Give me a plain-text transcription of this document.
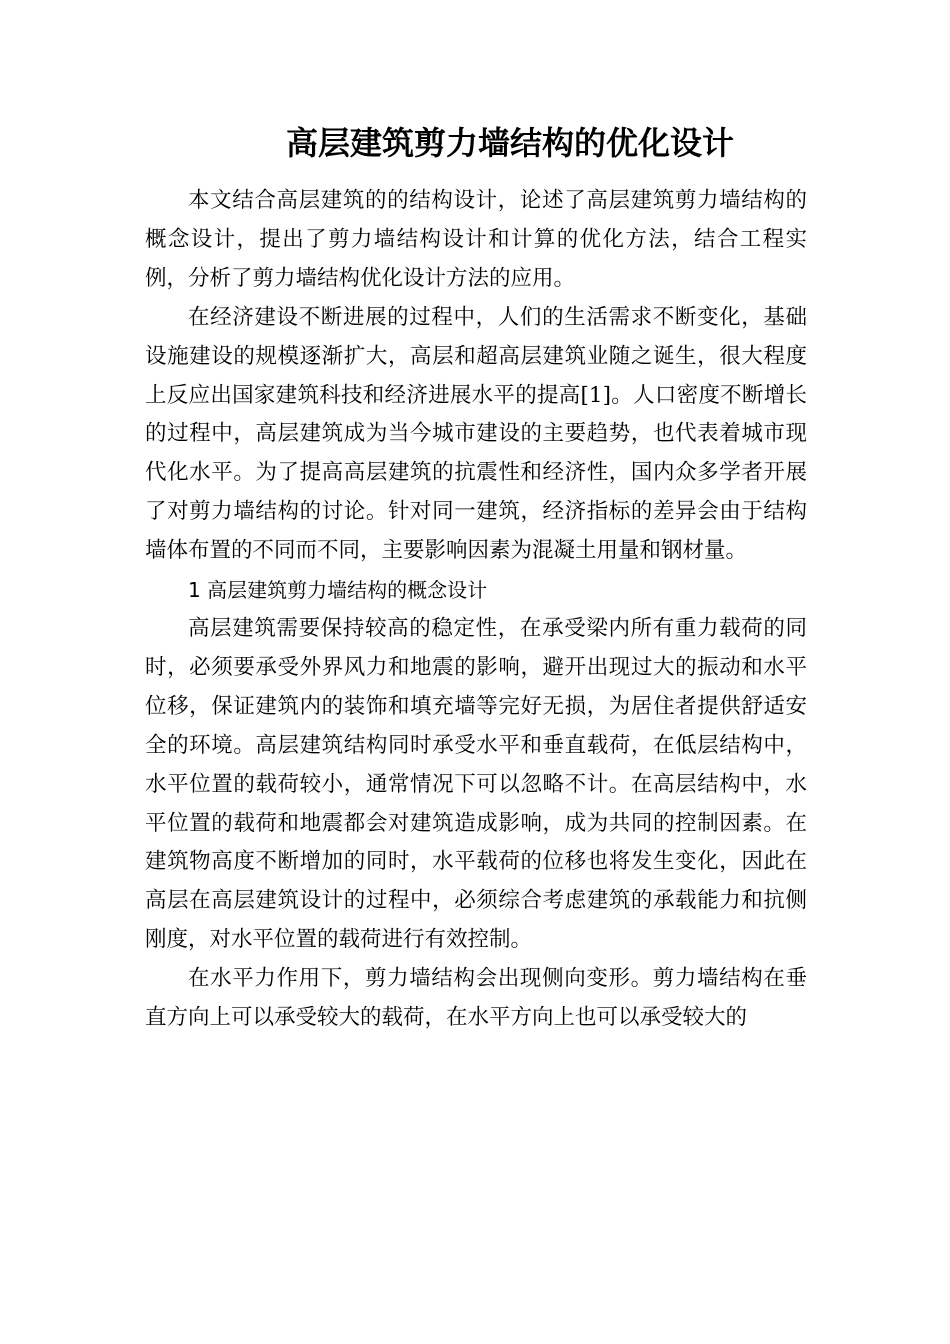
高层建筑剪力墙结构的优化设计

本文结合高层建筑的的结构设计，论述了高层建筑剪力墙结构的概念设计，提出了剪力墙结构设计和计算的优化方法，结合工程实例，分析了剪力墙结构优化设计方法的应用。

在经济建设不断进展的过程中，人们的生活需求不断变化，基础设施建设的规模逐渐扩大，高层和超高层建筑业随之诞生，很大程度上反应出国家建筑科技和经济进展水平的提高[1]。人口密度不断增长的过程中，高层建筑成为当今城市建设的主要趋势，也代表着城市现代化水平。为了提高高层建筑的抗震性和经济性，国内众多学者开展了对剪力墙结构的讨论。针对同一建筑，经济指标的差异会由于结构墙体布置的不同而不同，主要影响因素为混凝土用量和钢材量。

1 高层建筑剪力墙结构的概念设计

高层建筑需要保持较高的稳定性，在承受梁内所有重力载荷的同时，必须要承受外界风力和地震的影响，避开出现过大的振动和水平位移，保证建筑内的装饰和填充墙等完好无损，为居住者提供舒适安全的环境。高层建筑结构同时承受水平和垂直载荷，在低层结构中，水平位置的载荷较小，通常情况下可以忽略不计。在高层结构中，水平位置的载荷和地震都会对建筑造成影响，成为共同的控制因素。在建筑物高度不断增加的同时，水平载荷的位移也将发生变化，因此在高层在高层建筑设计的过程中，必须综合考虑建筑的承载能力和抗侧刚度，对水平位置的载荷进行有效控制。

在水平力作用下，剪力墙结构会出现侧向变形。剪力墙结构在垂直方向上可以承受较大的载荷，在水平方向上也可以承受较大的
